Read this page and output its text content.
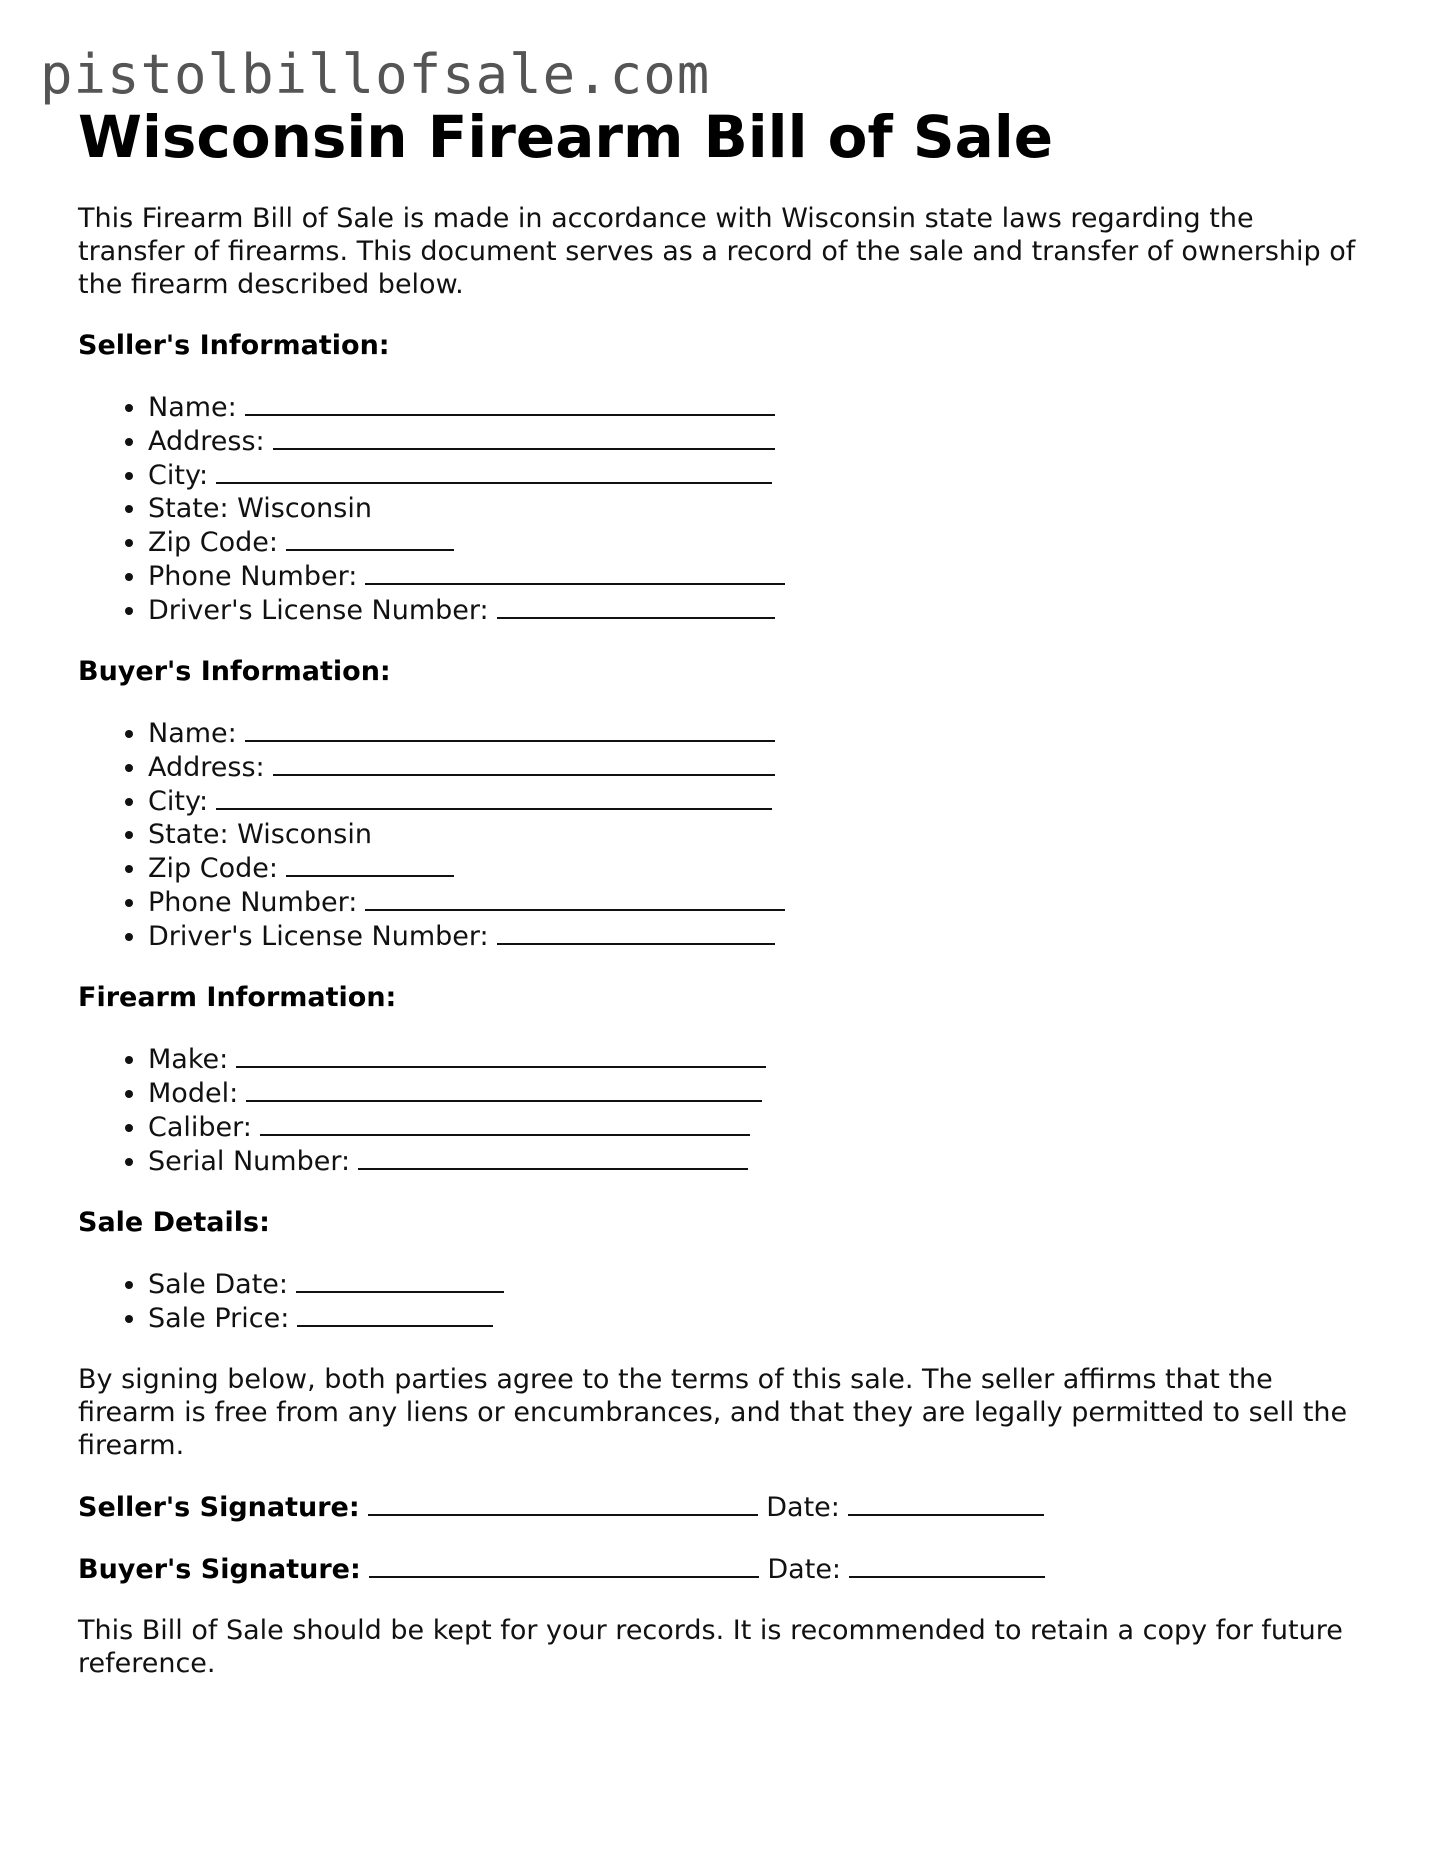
pistolbillofsale.com
Wisconsin Firearm Bill of Sale

This Firearm Bill of Sale is made in accordance with Wisconsin state laws regarding the transfer of firearms. This document serves as a record of the sale and transfer of ownership of the firearm described below.

Seller's Information:
• Name:
• Address:
• City:
• State: Wisconsin
• Zip Code:
• Phone Number:
• Driver's License Number:
Buyer's Information:
• Name:
• Address:
• City:
• State: Wisconsin
• Zip Code:
• Phone Number:
• Driver's License Number:
Firearm Information:
• Make:
• Model:
• Caliber:
• Serial Number:
Sale Details:
• Sale Date:
• Sale Price:

By signing below, both parties agree to the terms of this sale. The seller affirms that the firearm is free from any liens or encumbrances, and that they are legally permitted to sell the firearm.

Seller's Signature:	Date:
Buyer's Signature:	Date:

This Bill of Sale should be kept for your records. It is recommended to retain a copy for future reference.
